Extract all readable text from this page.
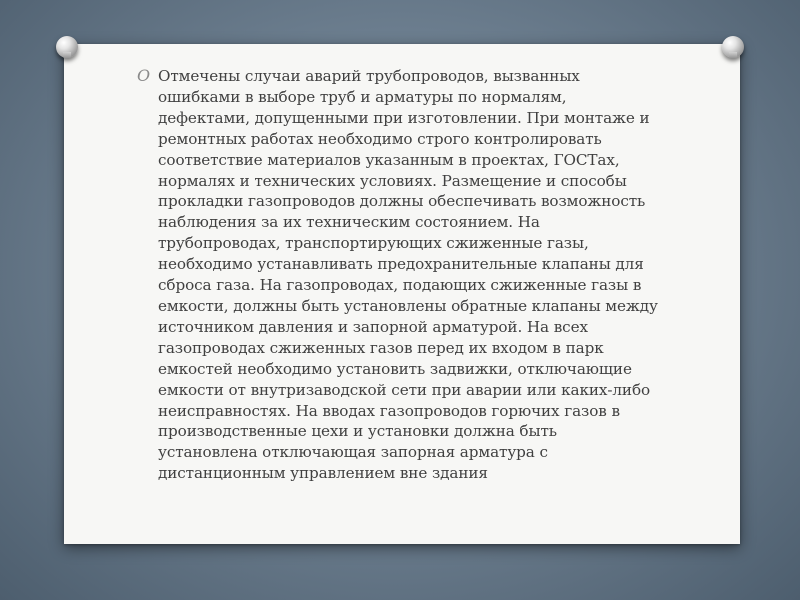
O Отмечены случаи аварий трубопроводов, вызванных
ошибками в выборе труб и арматуры по нормалям,
дефектами, допущенными при изготовлении. При монтаже и
ремонтных работах необходимо строго контролировать
соответствие материалов указанным в проектах, ГОСТах,
нормалях и технических условиях. Размещение и способы
прокладки газопроводов должны обеспечивать возможность
наблюдения за их техническим состоянием. На
трубопроводах, транспортирующих сжиженные газы,
необходимо устанавливать предохранительные клапаны для
сброса газа. На газопроводах, подающих сжиженные газы в
емкости, должны быть установлены обратные клапаны между
источником давления и запорной арматурой. На всех
газопроводах сжиженных газов перед их входом в парк
емкостей необходимо установить задвижки, отключающие
емкости от внутризаводской сети при аварии или каких-либо
неисправностях. На вводах газопроводов горючих газов в
производственные цехи и установки должна быть
установлена отключающая запорная арматура с
дистанционным управлением вне здания
